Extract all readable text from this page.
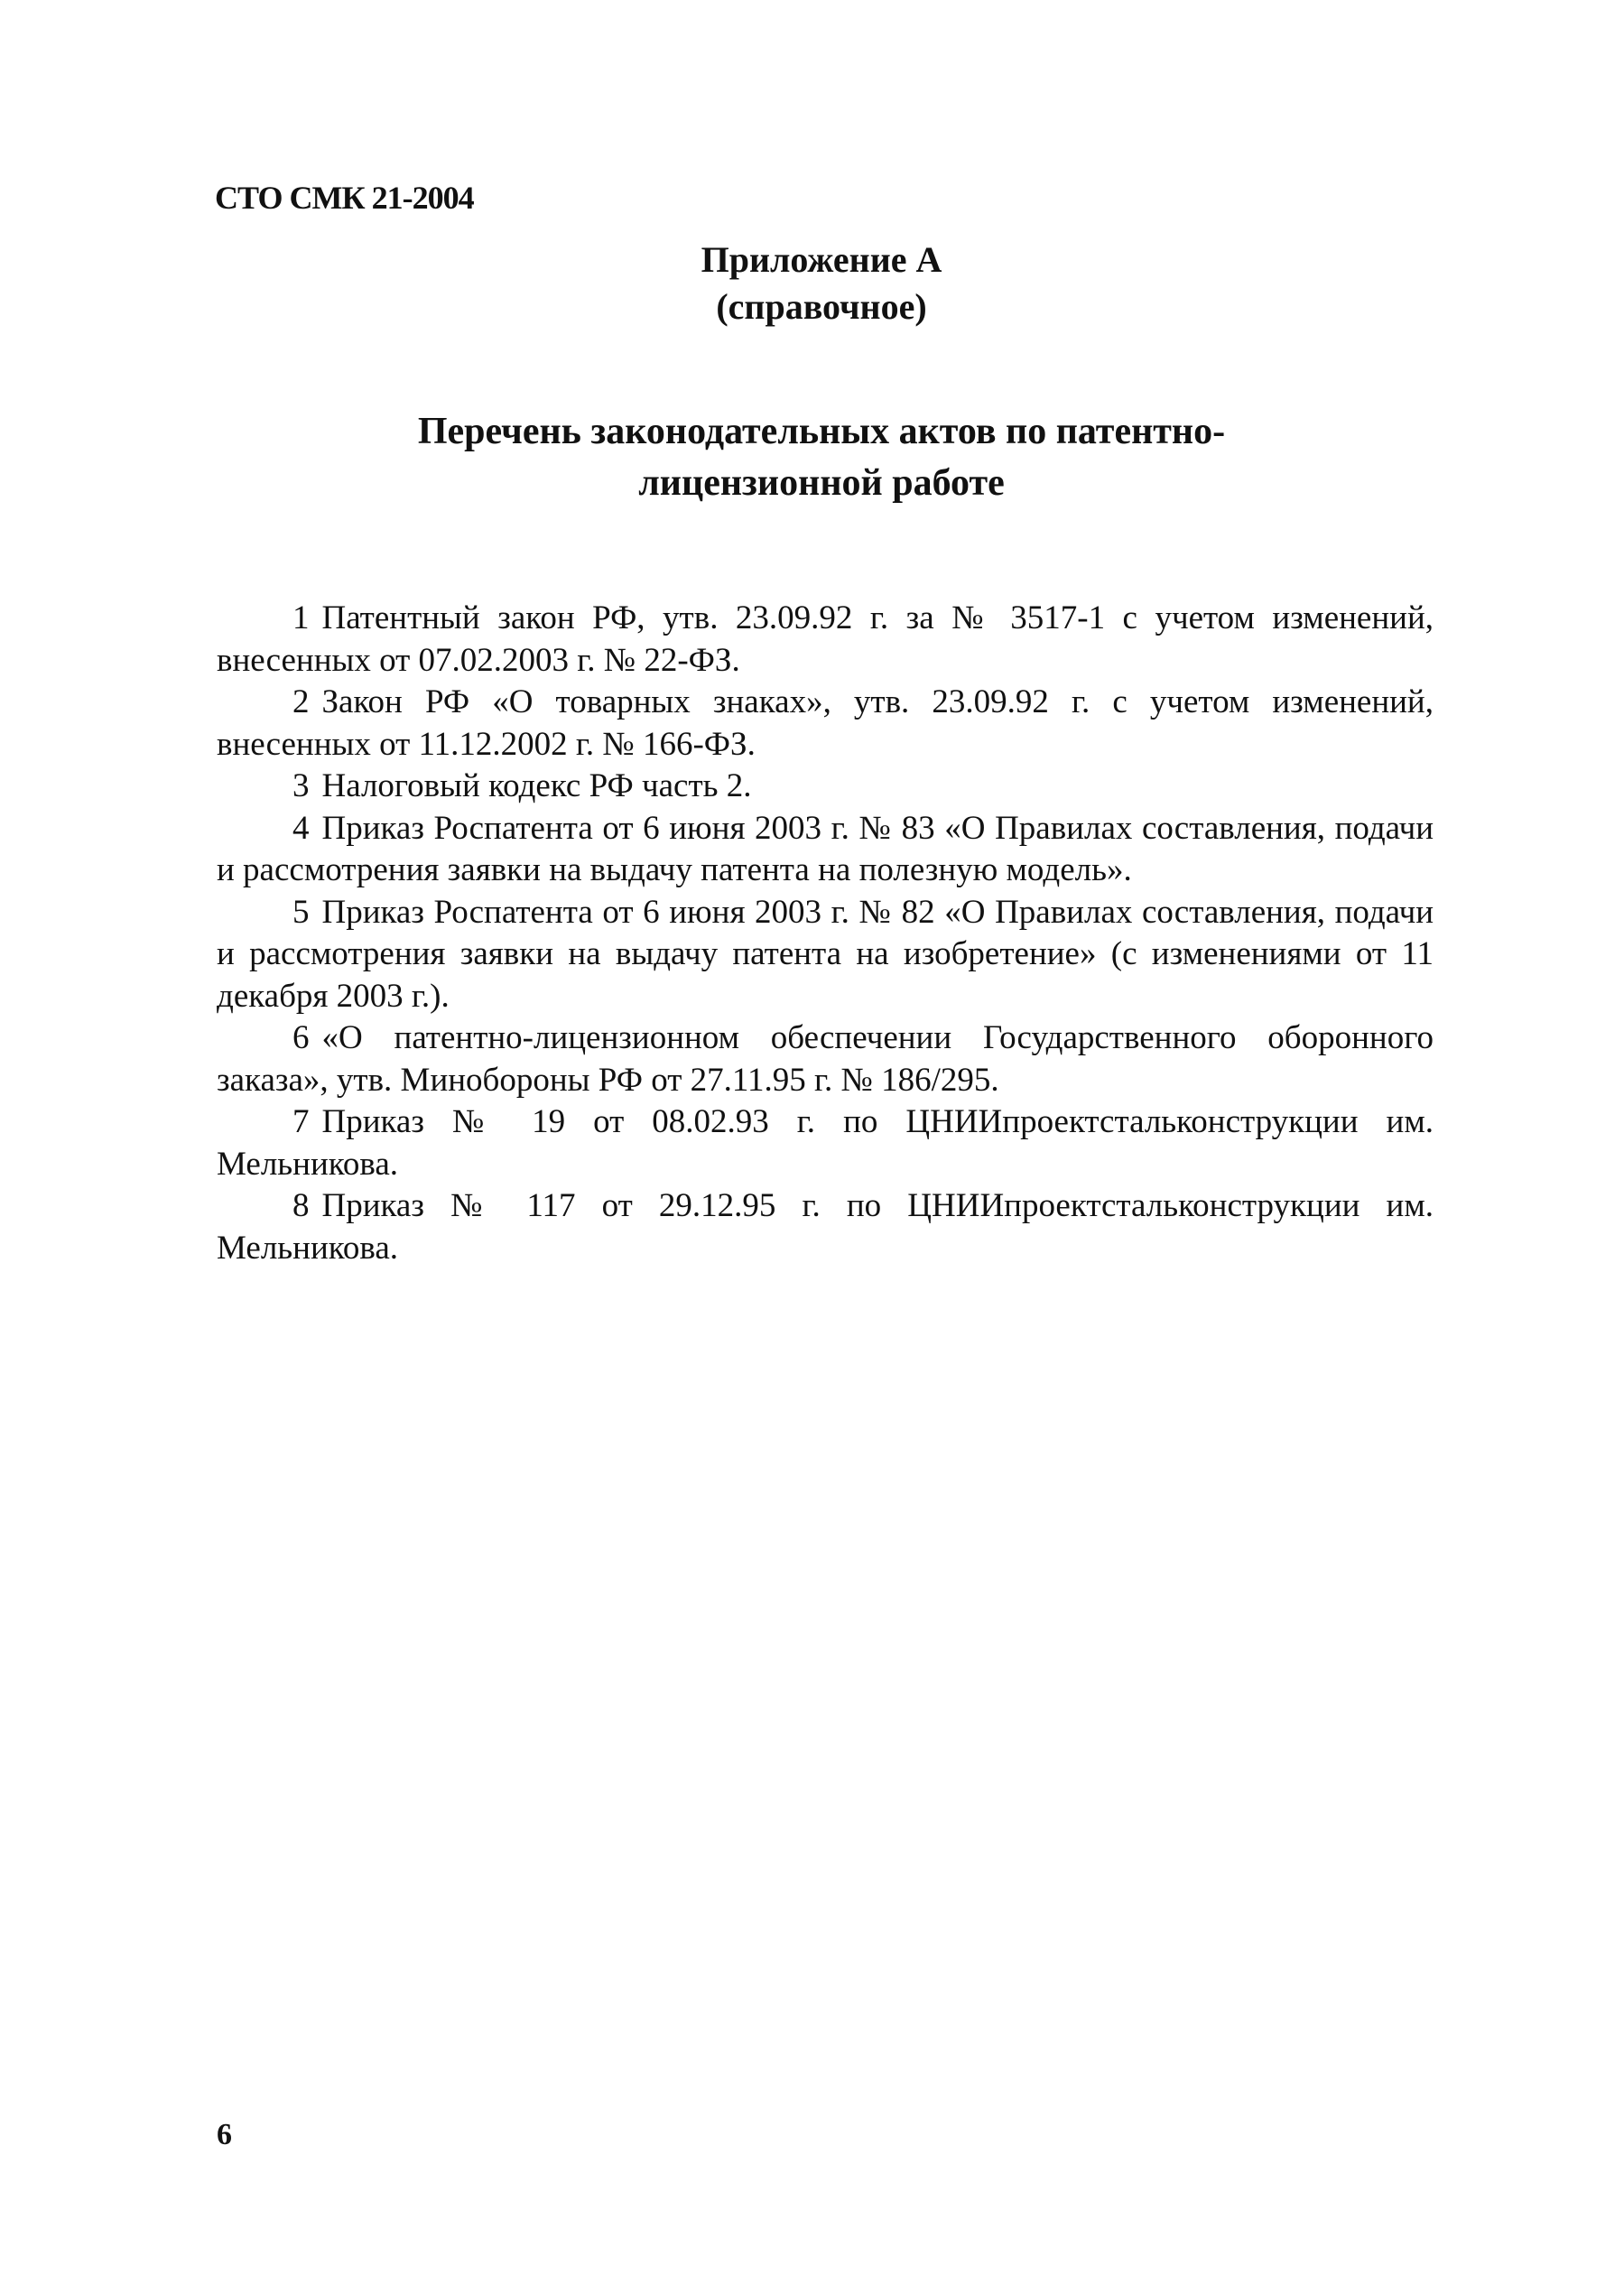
СТО СМК 21-2004
Приложение А
(справочное)
Перечень законодательных актов по патентно-
лицензионной работе
1 Патентный закон РФ, утв. 23.09.92 г. за № 3517-1 с учетом изменений, внесенных от 07.02.2003 г. № 22-ФЗ.
2 Закон РФ «О товарных знаках», утв. 23.09.92 г. с учетом изменений, внесенных от 11.12.2002 г. № 166-ФЗ.
3 Налоговый кодекс РФ часть 2.
4 Приказ Роспатента от 6 июня 2003 г. № 83 «О Правилах составления, подачи и рассмотрения заявки на выдачу патента на полезную модель».
5 Приказ Роспатента от 6 июня 2003 г. № 82 «О Правилах составления, подачи и рассмотрения заявки на выдачу патента на изобретение» (с изменениями от 11 декабря 2003 г.).
6 «О патентно-лицензионном обеспечении Государственного оборонного заказа», утв. Минобороны РФ от 27.11.95 г. № 186/295.
7 Приказ № 19 от 08.02.93 г. по ЦНИИпроектстальконструкции им. Мельникова.
8 Приказ № 117 от 29.12.95 г. по ЦНИИпроектстальконструкции им. Мельникова.
6
